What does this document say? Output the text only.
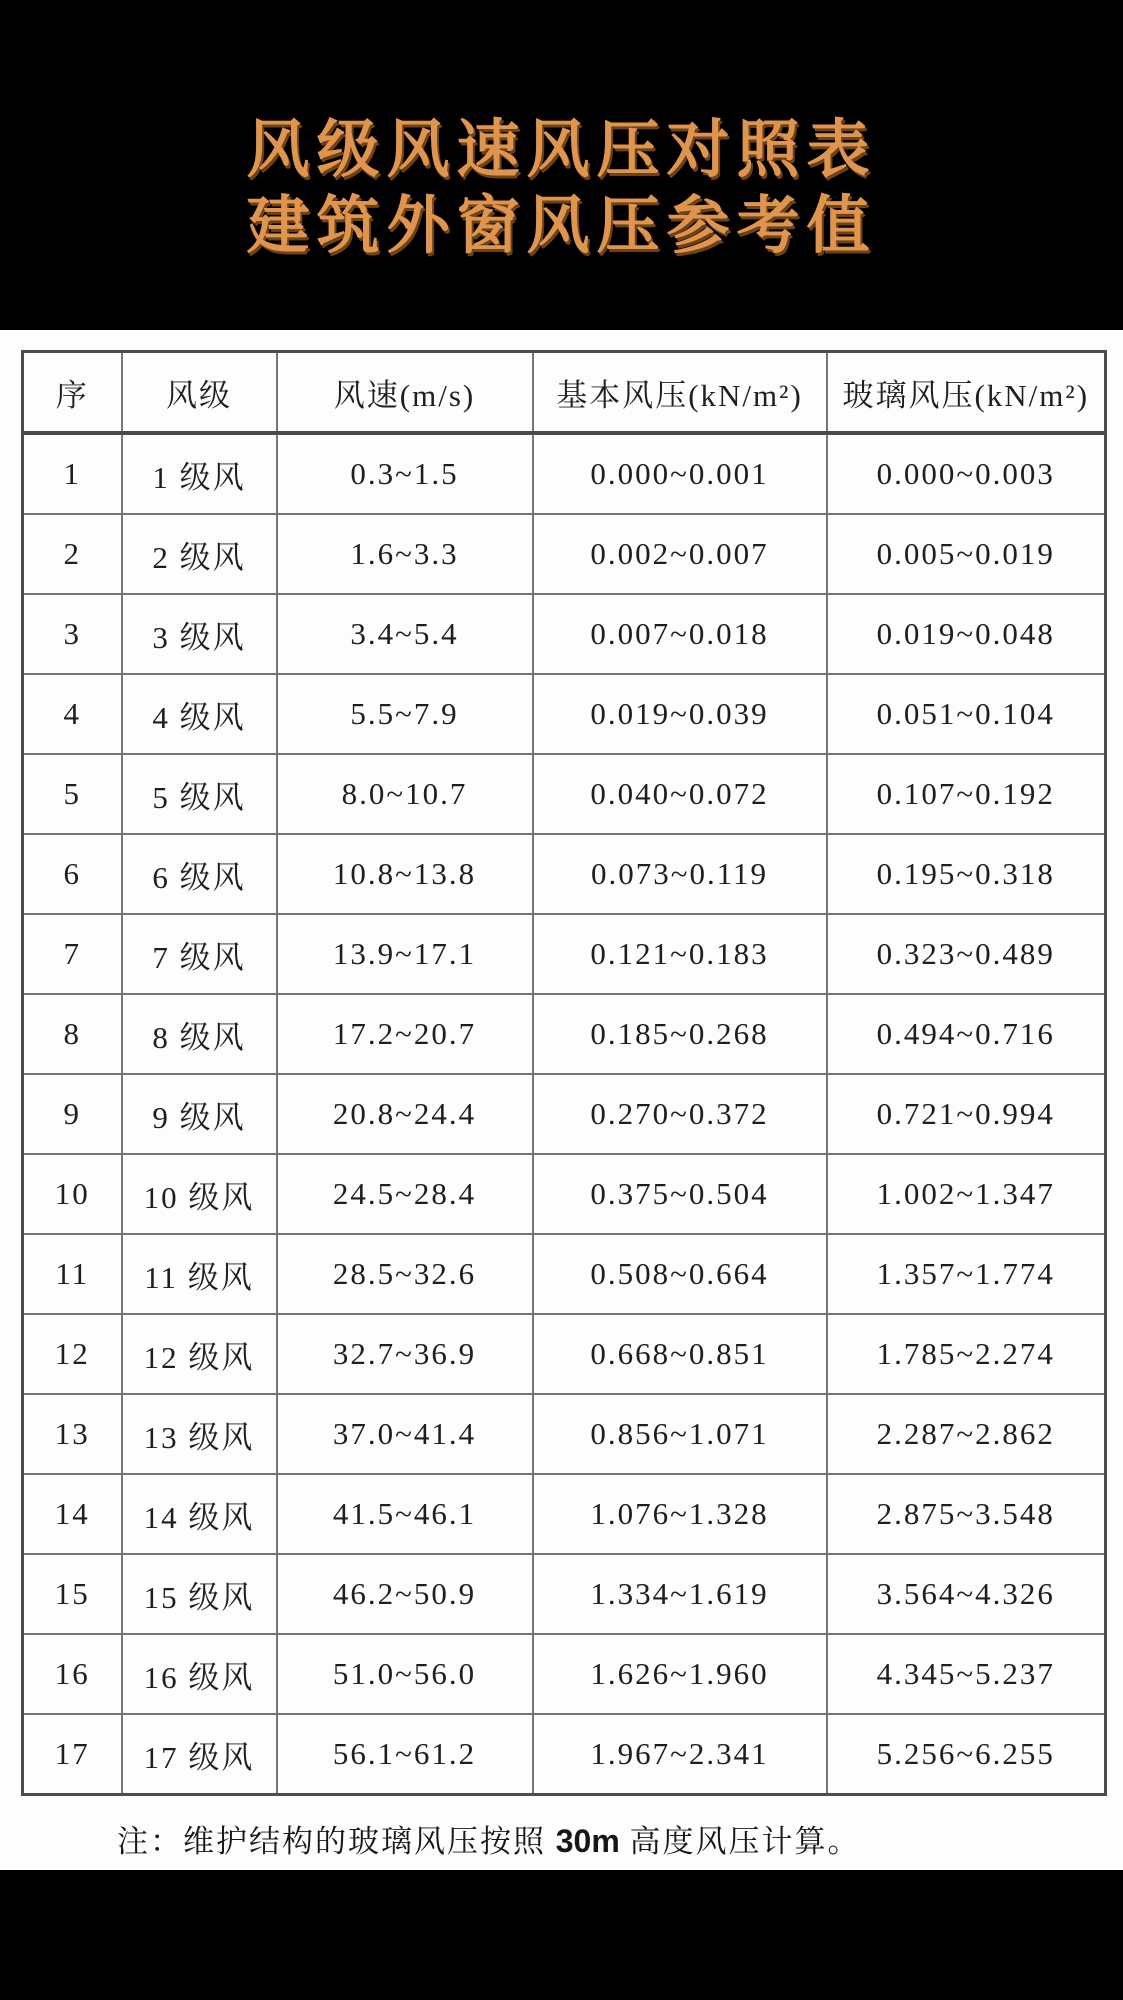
风级风速风压对照表
建筑外窗风压参考值
序	风级	风速(m/s)	基本风压(kN/m²)	玻璃风压(kN/m²)
1	1 级风	0.3~1.5	0.000~0.001	0.000~0.003
2	2 级风	1.6~3.3	0.002~0.007	0.005~0.019
3	3 级风	3.4~5.4	0.007~0.018	0.019~0.048
4	4 级风	5.5~7.9	0.019~0.039	0.051~0.104
5	5 级风	8.0~10.7	0.040~0.072	0.107~0.192
6	6 级风	10.8~13.8	0.073~0.119	0.195~0.318
7	7 级风	13.9~17.1	0.121~0.183	0.323~0.489
8	8 级风	17.2~20.7	0.185~0.268	0.494~0.716
9	9 级风	20.8~24.4	0.270~0.372	0.721~0.994
10	10 级风	24.5~28.4	0.375~0.504	1.002~1.347
11	11 级风	28.5~32.6	0.508~0.664	1.357~1.774
12	12 级风	32.7~36.9	0.668~0.851	1.785~2.274
13	13 级风	37.0~41.4	0.856~1.071	2.287~2.862
14	14 级风	41.5~46.1	1.076~1.328	2.875~3.548
15	15 级风	46.2~50.9	1.334~1.619	3.564~4.326
16	16 级风	51.0~56.0	1.626~1.960	4.345~5.237
17	17 级风	56.1~61.2	1.967~2.341	5.256~6.255
注：维护结构的玻璃风压按照 30m 高度风压计算。
